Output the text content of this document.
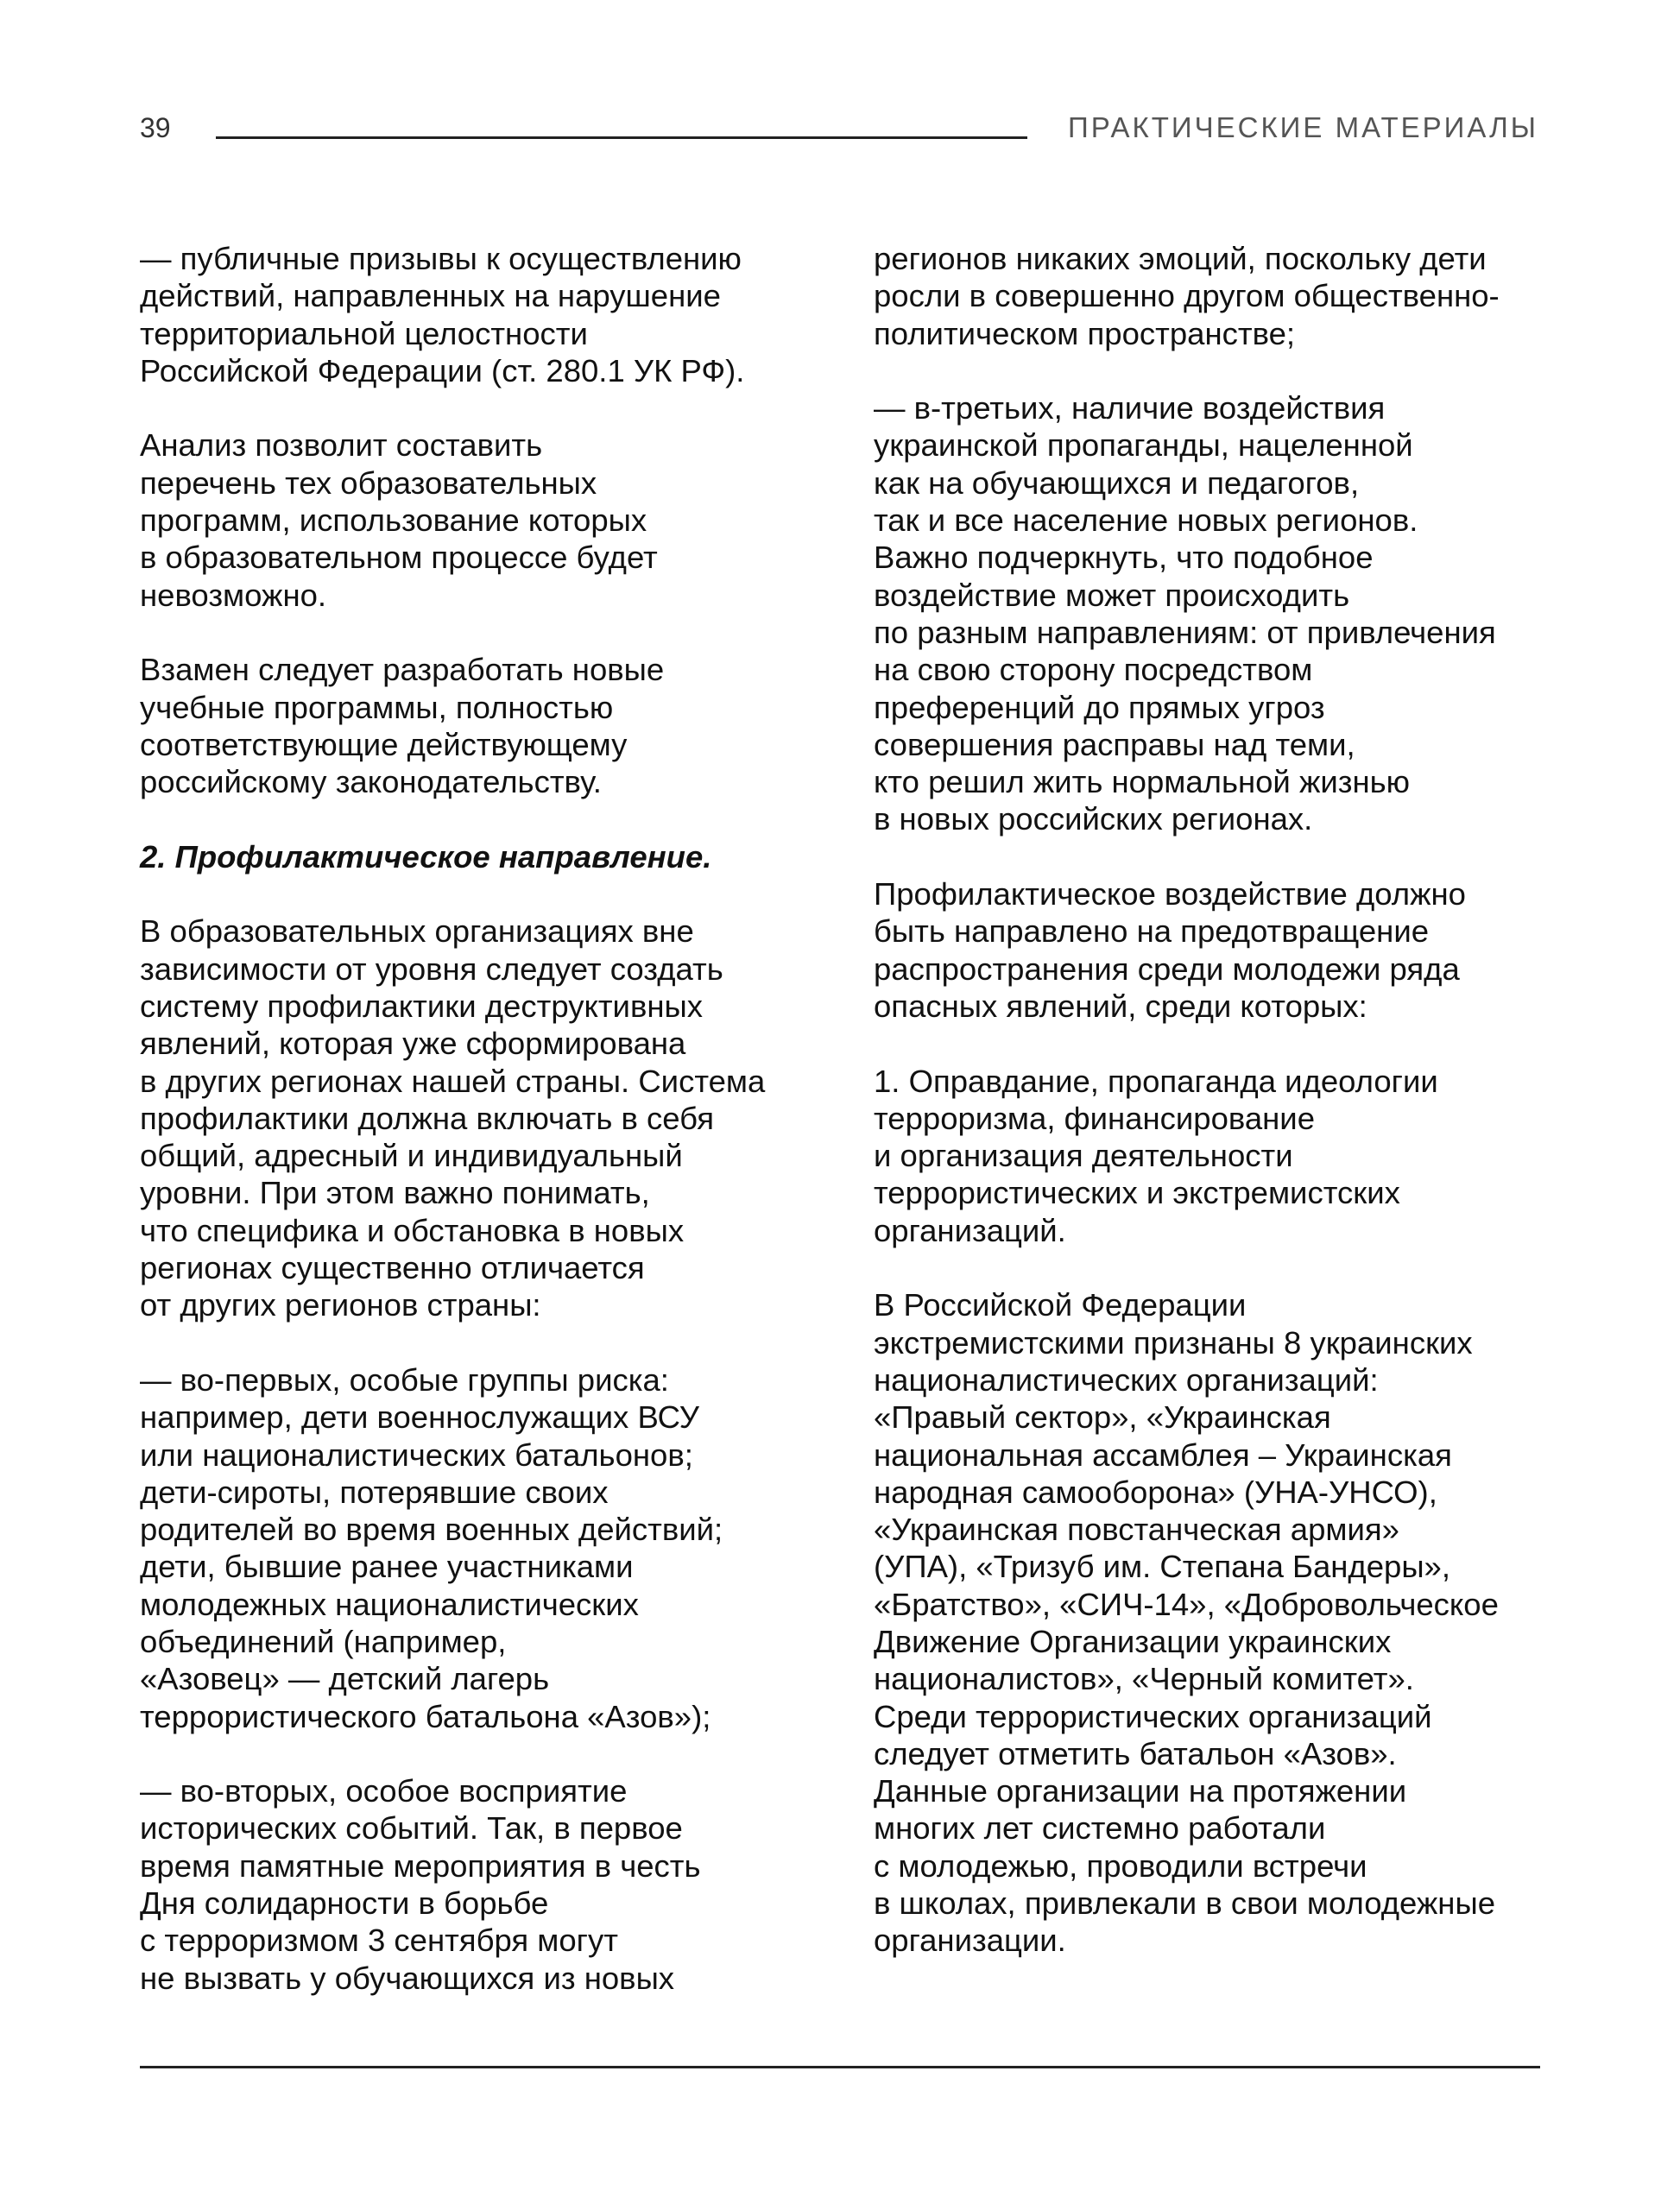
39	ПРАКТИЧЕСКИЕ МАТЕРИАЛЫ
— публичные призывы к осуществлению
действий, направленных на нарушение
территориальной целостности
Российской Федерации (ст. 280.1 УК РФ).
Анализ позволит составить
перечень тех образовательных
программ, использование которых
в образовательном процессе будет
невозможно.
Взамен следует разработать новые
учебные программы, полностью
соответствующие действующему
российскому законодательству.
2. Профилактическое направление.
В образовательных организациях вне
зависимости от уровня следует создать
систему профилактики деструктивных
явлений, которая уже сформирована
в других регионах нашей страны. Система
профилактики должна включать в себя
общий, адресный и индивидуальный
уровни. При этом важно понимать,
что специфика и обстановка в новых
регионах существенно отличается
от других регионов страны:
— во-первых, особые группы риска:
например, дети военнослужащих ВСУ
или националистических батальонов;
дети-сироты, потерявшие своих
родителей во время военных действий;
дети, бывшие ранее участниками
молодежных националистических
объединений (например,
«Азовец» — детский лагерь
террористического батальона «Азов»);
— во-вторых, особое восприятие
исторических событий. Так, в первое
время памятные мероприятия в честь
Дня солидарности в борьбе
с терроризмом 3 сентября могут
не вызвать у обучающихся из новых
регионов никаких эмоций, поскольку дети
росли в совершенно другом общественно-
политическом пространстве;
— в-третьих, наличие воздействия
украинской пропаганды, нацеленной
как на обучающихся и педагогов,
так и все население новых регионов.
Важно подчеркнуть, что подобное
воздействие может происходить
по разным направлениям: от привлечения
на свою сторону посредством
преференций до прямых угроз
совершения расправы над теми,
кто решил жить нормальной жизнью
в новых российских регионах.
Профилактическое воздействие должно
быть направлено на предотвращение
распространения среди молодежи ряда
опасных явлений, среди которых:
1. Оправдание, пропаганда идеологии
терроризма, финансирование
и организация деятельности
террористических и экстремистских
организаций.
В Российской Федерации
экстремистскими признаны 8 украинских
националистических организаций:
«Правый сектор», «Украинская
национальная ассамблея – Украинская
народная самооборона» (УНА-УНСО),
«Украинская повстанческая армия»
(УПА), «Тризуб им. Степана Бандеры»,
«Братство», «СИЧ-14», «Добровольческое
Движение Организации украинских
националистов», «Черный комитет».
Среди террористических организаций
следует отметить батальон «Азов».
Данные организации на протяжении
многих лет системно работали
с молодежью, проводили встречи
в школах, привлекали в свои молодежные
организации.
